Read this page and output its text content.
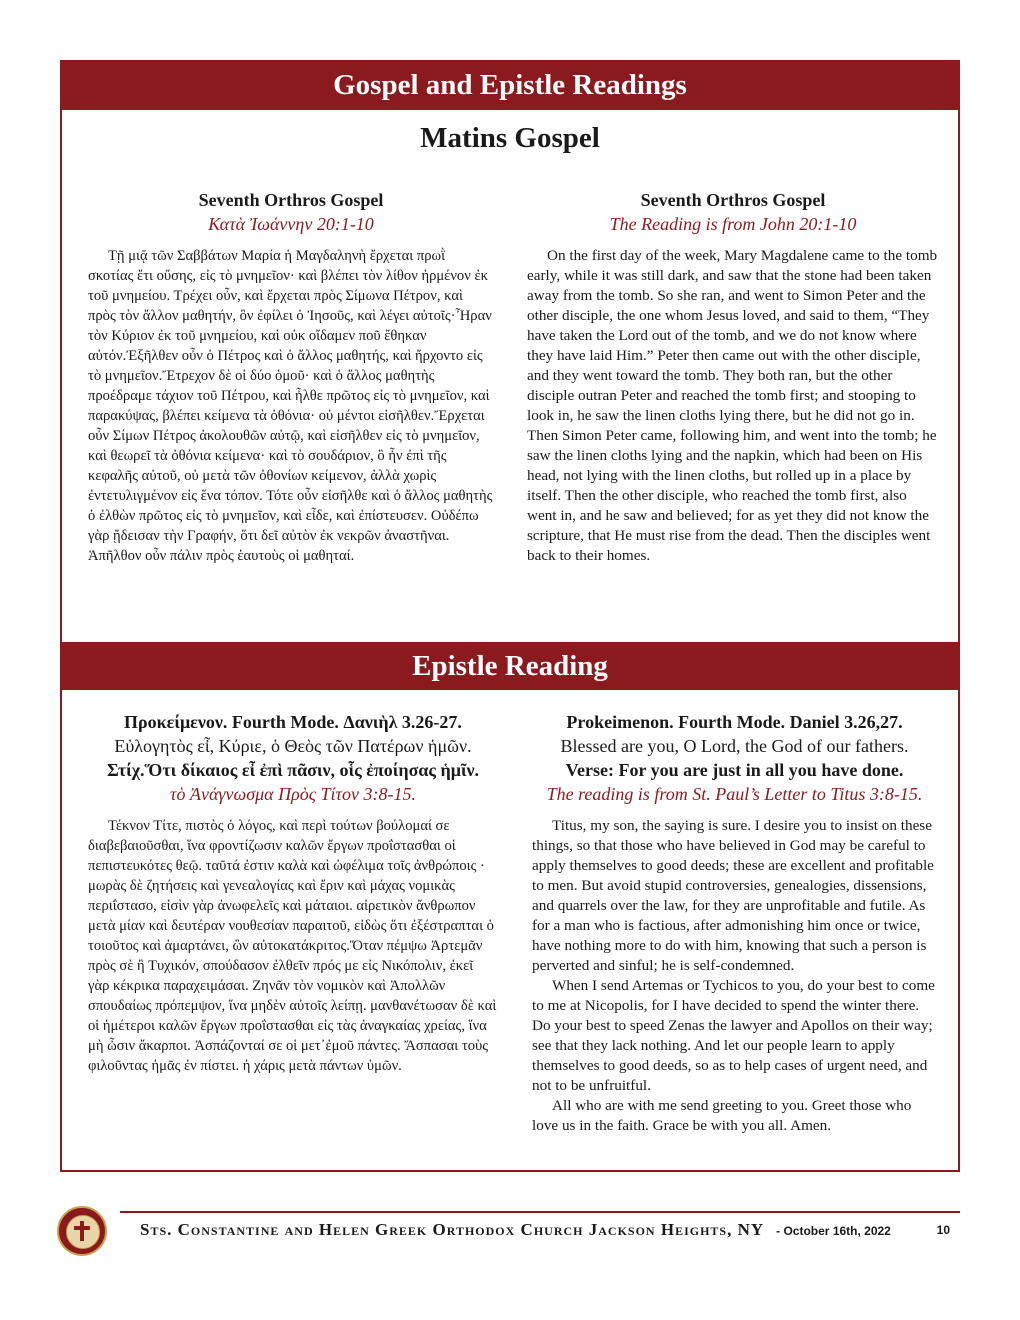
Gospel and Epistle Readings
Matins Gospel
Seventh Orthros Gospel
Κατὰ Ἰωάννην 20:1-10

Τῇ μιᾷ τῶν Σαββάτων Μαρία ἡ Μαγδαληνὴ ἔρχεται πρωῒ σκοτίας ἔτι οὔσης, εἰς τὸ μνημεῖον· καὶ βλέπει τὸν λίθον ἠρμένον ἐκ τοῦ μνημείου. Τρέχει οὖν, καὶ ἔρχεται πρὸς Σίμωνα Πέτρον, καὶ πρὸς τὸν ἄλλον μαθητήν, ὃν ἐφίλει ὁ Ἰησοῦς, καὶ λέγει αὐτοῖς·Ἦραν τὸν Κύριον ἐκ τοῦ μνημείου, καὶ οὐκ οἴδαμεν ποῦ ἔθηκαν αὐτόν.Ἐξῆλθεν οὖν ὁ Πέτρος καὶ ὁ ἄλλος μαθητής, καὶ ἤρχοντο εἰς τὸ μνημεῖον.Ἔτρεχον δὲ οἱ δύο ὁμοῦ· καὶ ὁ ἄλλος μαθητὴς προέδραμε τάχιον τοῦ Πέτρου, καὶ ἦλθε πρῶτος εἰς τὸ μνημεῖον, καὶ παρακύψας, βλέπει κείμενα τὰ ὀθόνια· οὐ μέντοι εἰσῆλθεν.Ἔρχεται οὖν Σίμων Πέτρος ἀκολουθῶν αὐτῷ, καὶ εἰσῆλθεν εἰς τὸ μνημεῖον, καὶ θεωρεῖ τὰ ὀθόνια κείμενα· καὶ τὸ σουδάριον, ὃ ἦν ἐπὶ τῆς κεφαλῆς αὐτοῦ, οὐ μετὰ τῶν ὀθονίων κείμενον, ἀλλὰ χωρὶς ἐντετυλιγμένον εἰς ἕνα τόπον. Τότε οὖν εἰσῆλθε καὶ ὁ ἄλλος μαθητὴς ὁ ἐλθὼν πρῶτος εἰς τὸ μνημεῖον, καὶ εἶδε, καὶ ἐπίστευσεν. Οὐδέπω γὰρ ᾔδεισαν τὴν Γραφήν, ὅτι δεῖ αὐτὸν ἐκ νεκρῶν ἀναστῆναι. Ἀπῆλθον οὖν πάλιν πρὸς ἑαυτοὺς οἱ μαθηταί.

Seventh Orthros Gospel
The Reading is from John 20:1-10

On the first day of the week, Mary Magdalene came to the tomb early, while it was still dark, and saw that the stone had been taken away from the tomb. So she ran, and went to Simon Peter and the other disciple, the one whom Jesus loved, and said to them, “They have taken the Lord out of the tomb, and we do not know where they have laid Him.” Peter then came out with the other disciple, and they went toward the tomb. They both ran, but the other disciple outran Peter and reached the tomb first; and stooping to look in, he saw the linen cloths lying there, but he did not go in. Then Simon Peter came, following him, and went into the tomb; he saw the linen cloths lying and the napkin, which had been on His head, not lying with the linen cloths, but rolled up in a place by itself. Then the other disciple, who reached the tomb first, also went in, and he saw and believed; for as yet they did not know the scripture, that He must rise from the dead. Then the disciples went back to their homes.

Epistle Reading
Προκείμενον. Fourth Mode. Δανιὴλ 3.26-27.
Εὐλογητὸς εἶ, Κύριε, ὁ Θεὸς τῶν Πατέρων ἡμῶν.
Στίχ.Ὅτι δίκαιος εἶ ἐπὶ πᾶσιν, οἷς ἐποίησας ἡμῖν.
τὸ Ἀνάγνωσμα Πρὸς Τίτον 3:8-15.

Τέκνον Τίτε, πιστὸς ὁ λόγος, καὶ περὶ τούτων βούλομαί σε διαβεβαιοῦσθαι, ἵνα φροντίζωσιν καλῶν ἔργων προΐστασθαι οἱ πεπιστευκότες θεῷ. ταῦτά ἐστιν καλὰ καὶ ὠφέλιμα τοῖς ἀνθρώποις · μωρὰς δὲ ζητήσεις καὶ γενεαλογίας καὶ ἔριν καὶ μάχας νομικὰς περιΐστασο, εἰσὶν γὰρ ἀνωφελεῖς καὶ μάταιοι. αἱρετικὸν ἄνθρωπον μετὰ μίαν καὶ δευτέραν νουθεσίαν παραιτοῦ, εἰδὼς ὅτι ἐξέστραπται ὁ τοιοῦτος καὶ ἁμαρτάνει, ὢν αὐτοκατάκριτος.Ὅταν πέμψω Ἀρτεμᾶν πρὸς σὲ ἢ Τυχικόν, σπούδασον ἐλθεῖν πρός με εἰς Νικόπολιν, ἐκεῖ γὰρ κέκρικα παραχειμάσαι. Ζηνᾶν τὸν νομικὸν καὶ Ἀπολλῶν σπουδαίως πρόπεμψον, ἵνα μηδὲν αὐτοῖς λείπῃ. μανθανέτωσαν δὲ καὶ οἱ ἡμέτεροι καλῶν ἔργων προΐστασθαι εἰς τὰς ἀναγκαίας χρείας, ἵνα μὴ ὦσιν ἄκαρποι. Ἀσπάζονταί σε οἱ μετ᾽ἐμοῦ πάντες. Ἄσπασαι τοὺς φιλοῦντας ἡμᾶς ἐν πίστει. ἡ χάρις μετὰ πάντων ὑμῶν.

Prokeimenon. Fourth Mode. Daniel 3.26,27.
Blessed are you, O Lord, the God of our fathers.
Verse: For you are just in all you have done.
The reading is from St. Paul’s Letter to Titus 3:8-15.

Titus, my son, the saying is sure. I desire you to insist on these things, so that those who have believed in God may be careful to apply themselves to good deeds; these are excellent and profitable to men. But avoid stupid controversies, genealogies, dissensions, and quarrels over the law, for they are unprofitable and futile. As for a man who is factious, after admonishing him once or twice, have nothing more to do with him, knowing that such a person is perverted and sinful; he is self-condemned.

When I send Artemas or Tychicos to you, do your best to come to me at Nicopolis, for I have decided to spend the winter there. Do your best to speed Zenas the lawyer and Apollos on their way; see that they lack nothing. And let our people learn to apply themselves to good deeds, so as to help cases of urgent need, and not to be unfruitful.

All who are with me send greeting to you. Greet those who love us in the faith. Grace be with you all. Amen.

Sts. Constantine and Helen Greek Orthodox Church Jackson Heights, NY - October 16th, 2022	10
